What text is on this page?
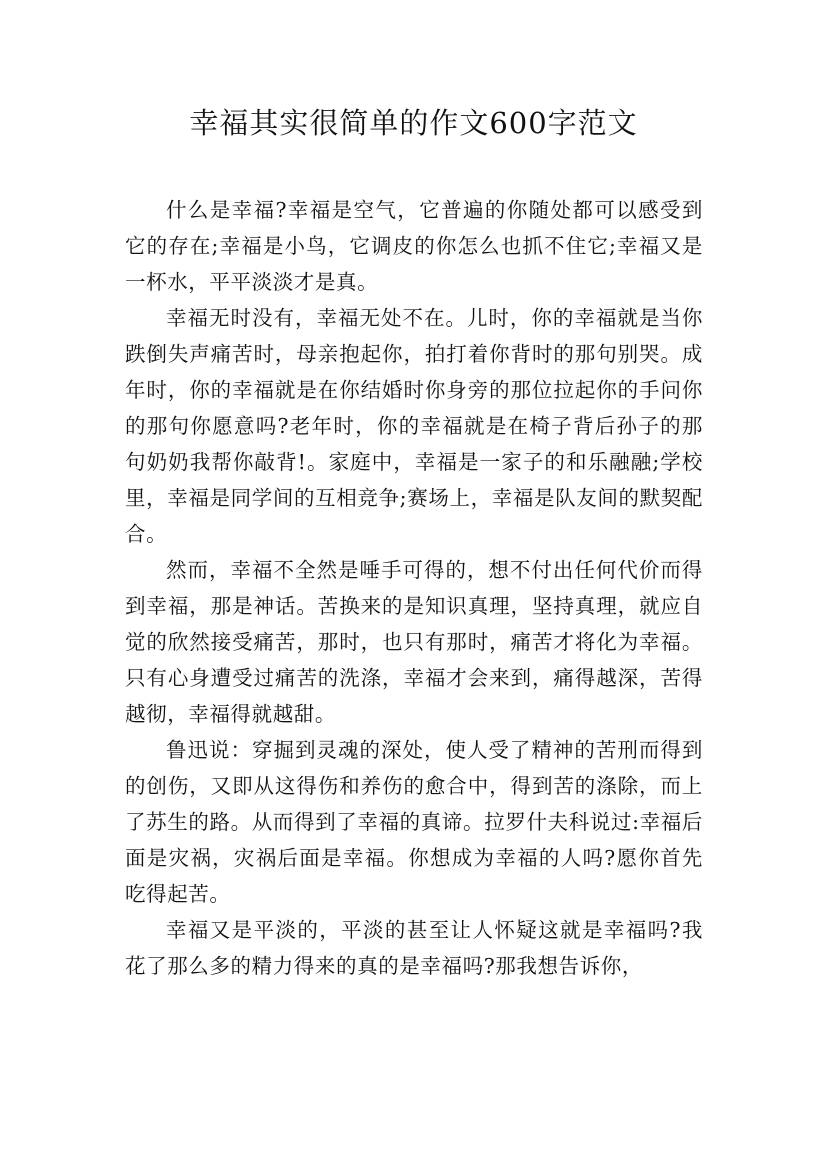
幸福其实很简单的作文600字范文

什么是幸福?幸福是空气，它普遍的你随处都可以感受到它的存在;幸福是小鸟，它调皮的你怎么也抓不住它;幸福又是一杯水，平平淡淡才是真。

幸福无时没有，幸福无处不在。儿时，你的幸福就是当你跌倒失声痛苦时，母亲抱起你，拍打着你背时的那句别哭。成年时，你的幸福就是在你结婚时你身旁的那位拉起你的手问你的那句你愿意吗?老年时，你的幸福就是在椅子背后孙子的那句奶奶我帮你敲背!。家庭中，幸福是一家子的和乐融融;学校里，幸福是同学间的互相竞争;赛场上，幸福是队友间的默契配合。

然而，幸福不全然是唾手可得的，想不付出任何代价而得到幸福，那是神话。苦换来的是知识真理，坚持真理，就应自觉的欣然接受痛苦，那时，也只有那时，痛苦才将化为幸福。只有心身遭受过痛苦的洗涤，幸福才会来到，痛得越深，苦得越彻，幸福得就越甜。

鲁迅说：穿掘到灵魂的深处，使人受了精神的苦刑而得到的创伤，又即从这得伤和养伤的愈合中，得到苦的涤除，而上了苏生的路。从而得到了幸福的真谛。拉罗什夫科说过:幸福后面是灾祸，灾祸后面是幸福。你想成为幸福的人吗?愿你首先吃得起苦。

幸福又是平淡的，平淡的甚至让人怀疑这就是幸福吗?我花了那么多的精力得来的真的是幸福吗?那我想告诉你，
